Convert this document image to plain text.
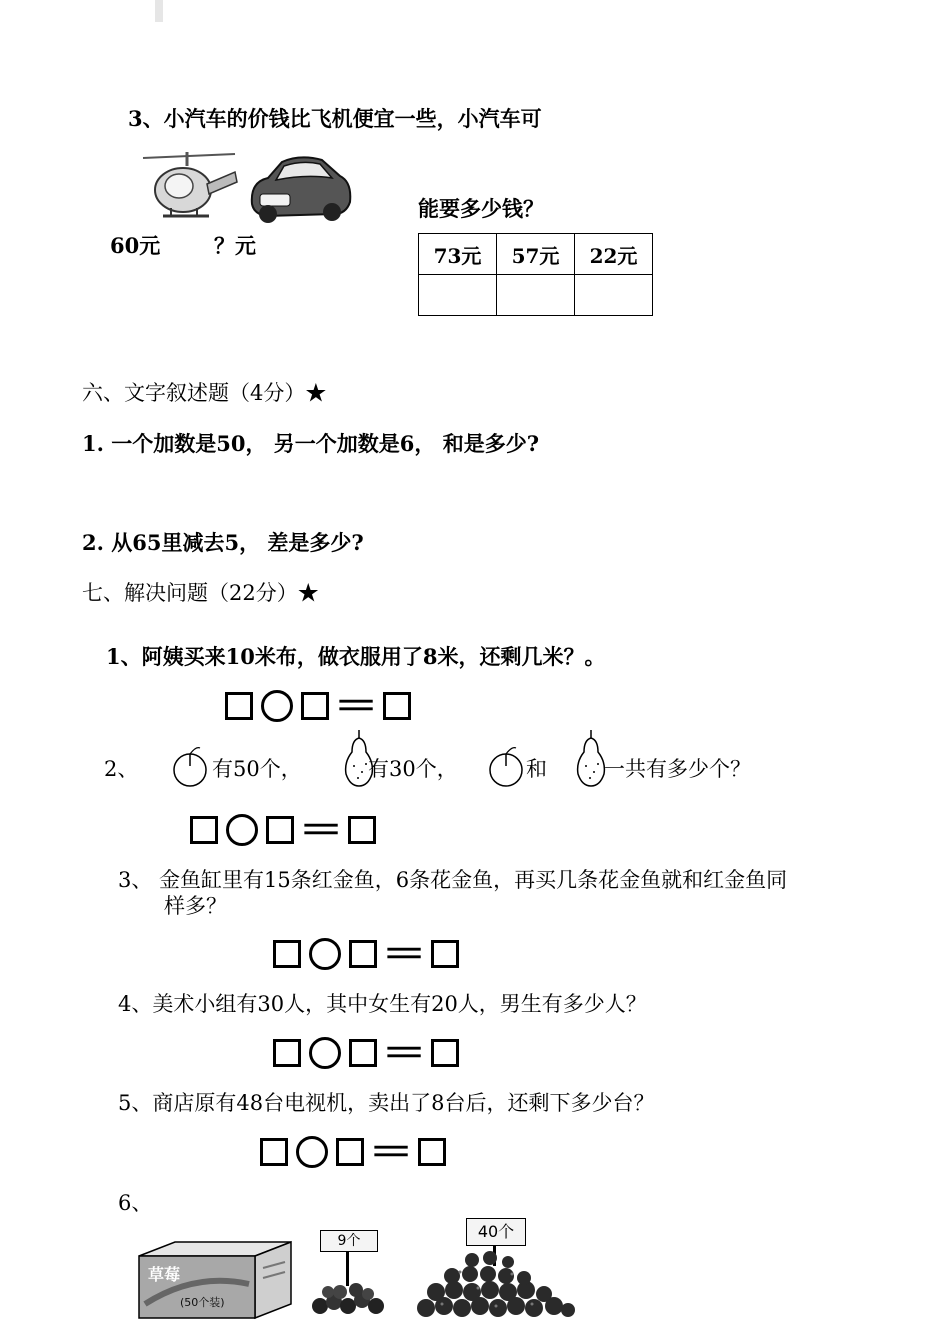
3、小汽车的价钱比飞机便宜一些，小汽车可
60元	？元
能要多少钱？
73元	57元	22元

六、文字叙述题（4分）★
1. 一个加数是50， 另一个加数是6， 和是多少?
2. 从65里减去5， 差是多少?
七、解决问题（22分）★
1、阿姨买来10米布，做衣服用了8米，还剩几米？。
＝
2、	有50个，	有30个，	和	一共有多少个？
＝
3、 金鱼缸里有15条红金鱼，6条花金鱼，再买几条花金鱼就和红金鱼同
样多？
＝
4、美术小组有30人，其中女生有20人，男生有多少人？
＝
5、商店原有48台电视机，卖出了8台后，还剩下多少台？
＝
6、
草莓
(50个装)
9个	40个
